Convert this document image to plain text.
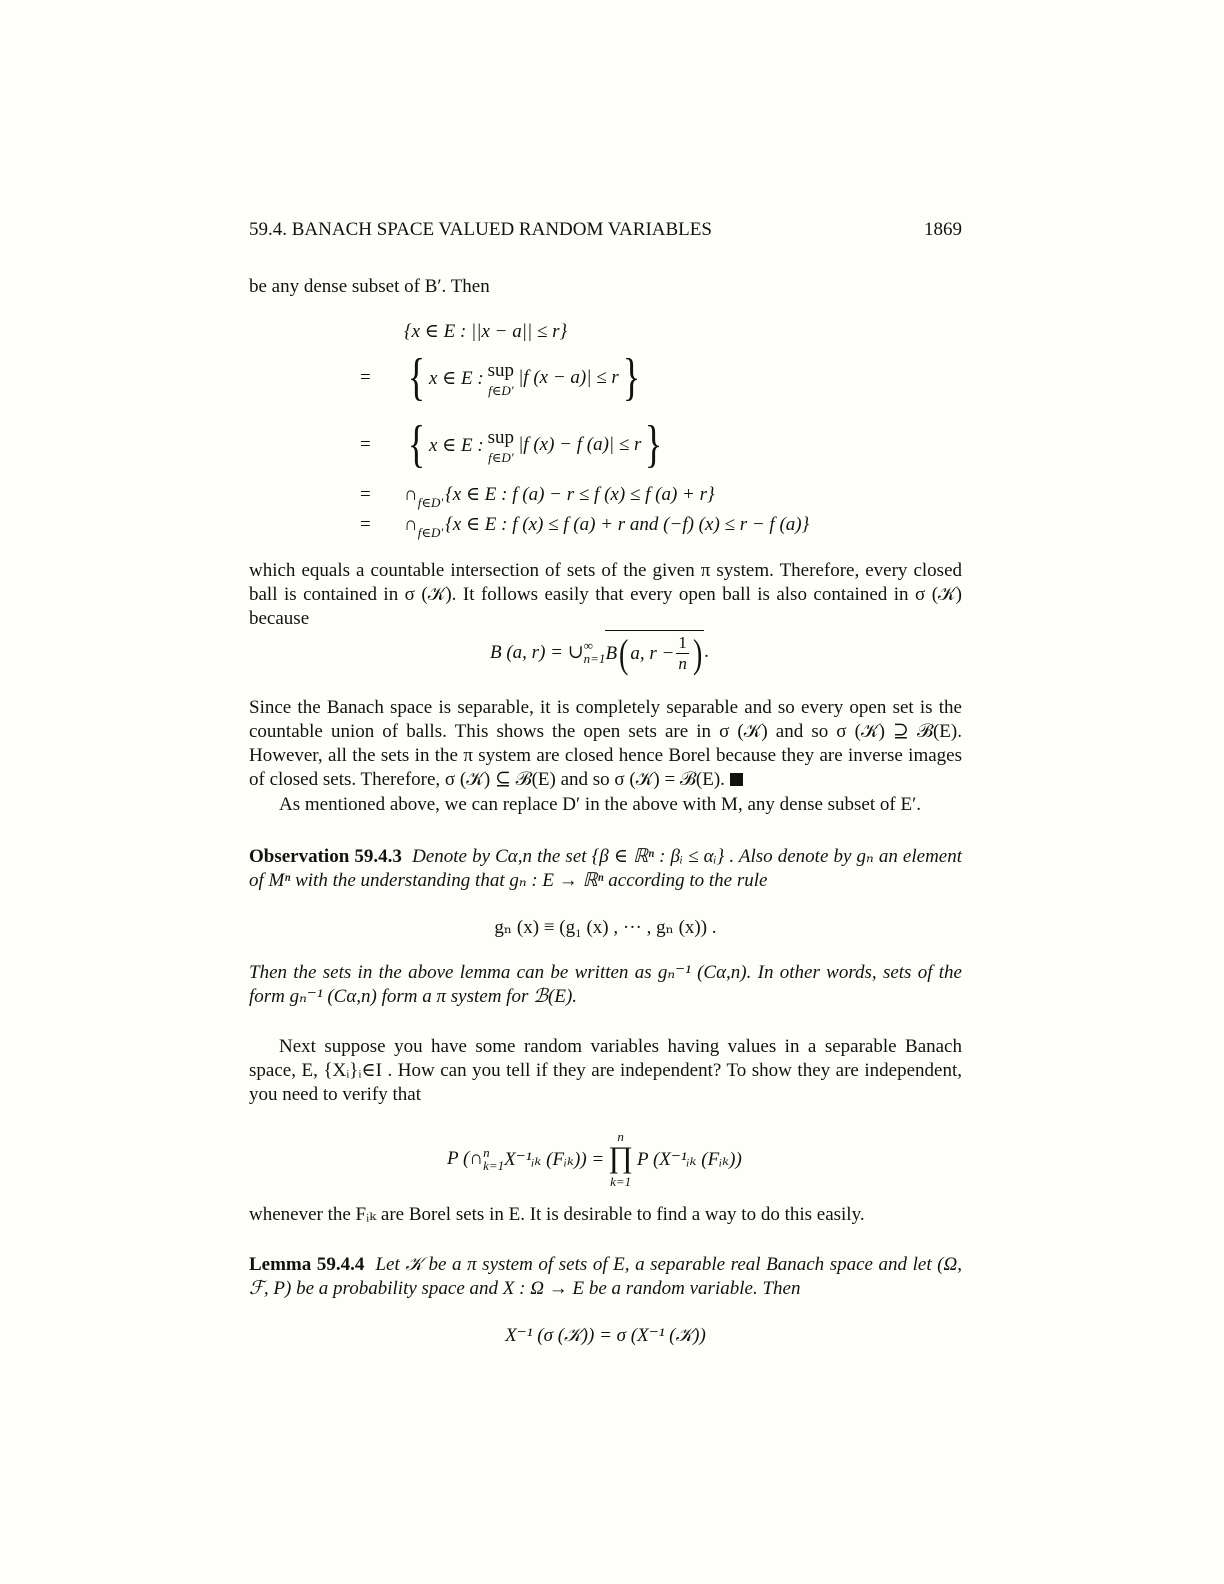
59.4. BANACH SPACE VALUED RANDOM VARIABLES	1869
be any dense subset of B′. Then
{x ∈ E : ||x − a|| ≤ r}
= { x ∈ E : sup
f∈D′
|f (x − a)| ≤ r }
= { x ∈ E : sup
f∈D′
|f (x) − f (a)| ≤ r }
=	$\cap_{f\in D'}$ {x ∈ E : f (a) − r ≤ f (x) ≤ f (a) + r}
=	$\cap_{f\in D'}$ {x ∈ E : f (x) ≤ f (a) + r and (−f) (x) ≤ r − f (a)}
which equals a countable intersection of sets of the given π system. Therefore, every closed ball is contained in σ (𝒦). It follows easily that every open ball is also contained in σ (𝒦) because
B (a, r) = ∪ ∞
n=1 B ( a, $r - \frac{1}{n}$ ) .
Since the Banach space is separable, it is completely separable and so every open set is the countable union of balls. This shows the open sets are in σ (𝒦) and so σ (𝒦) ⊇ ℬ(E). However, all the sets in the π system are closed hence Borel because they are inverse images of closed sets. Therefore, σ (𝒦) ⊆ ℬ(E) and so σ (𝒦) = ℬ(E).
As mentioned above, we can replace D′ in the above with M, any dense subset of E′.
Observation 59.4.3 Denote by Cα,n the set {β ∈ ℝⁿ : βᵢ ≤ αᵢ} . Also denote by gₙ an element of Mⁿ with the understanding that gₙ : E → ℝⁿ according to the rule
gₙ (x) ≡ (g₁ (x) , ··· , gₙ (x)) .
Then the sets in the above lemma can be written as gₙ⁻¹ (Cα,n). In other words, sets of the form gₙ⁻¹ (Cα,n) form a π system for ℬ(E).
Next suppose you have some random variables having values in a separable Banach space, E, {Xᵢ}ᵢ∈I . How can you tell if they are independent? To show they are independent, you need to verify that
P (∩ n
k=1 X⁻¹ᵢₖ (Fᵢₖ)) =
n
∏
k=1
P (X⁻¹ᵢₖ (Fᵢₖ))
whenever the Fᵢₖ are Borel sets in E. It is desirable to find a way to do this easily.
Lemma 59.4.4 Let 𝒦 be a π system of sets of E, a separable real Banach space and let (Ω, ℱ, P) be a probability space and X : Ω → E be a random variable. Then
X⁻¹ (σ (𝒦)) = σ (X⁻¹ (𝒦))
